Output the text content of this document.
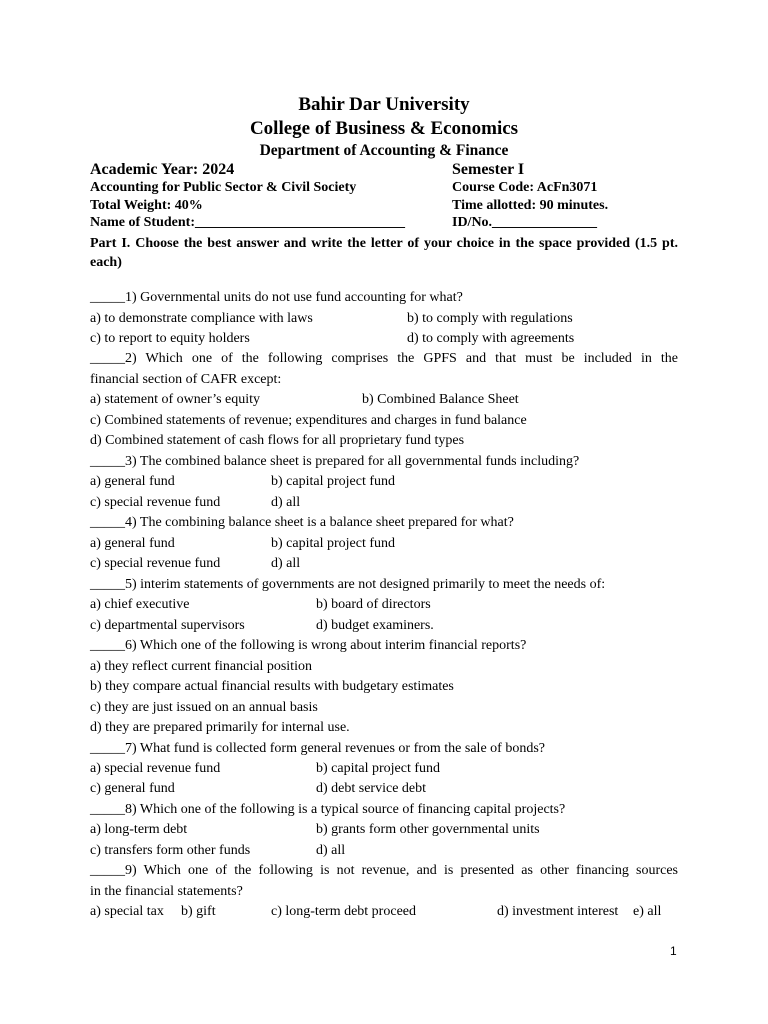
Bahir Dar University
College of Business & Economics
Department of Accounting & Finance
Academic Year: 2024	Semester I
Accounting for Public Sector & Civil Society	Course Code: AcFn3071
Total Weight: 40%	Time allotted: 90 minutes.
Name of Student:______________________________	ID/No._______________
Part I. Choose the best answer and write the letter of your choice in the space provided (1.5 pt. each)
_____1) Governmental units do not use fund accounting for what?
a) to demonstrate compliance with laws	b) to comply with regulations
c) to report to equity holders	d) to comply with agreements
_____2) Which one of the following comprises the GPFS and that must be included in the
financial section of CAFR except:
a) statement of owner’s equity	b) Combined Balance Sheet
c) Combined statements of revenue; expenditures and charges in fund balance
d) Combined statement of cash flows for all proprietary fund types
_____3) The combined balance sheet is prepared for all governmental funds including?
a) general fund	b) capital project fund
c) special revenue fund	d) all
_____4) The combining balance sheet is a balance sheet prepared for what?
a) general fund	b) capital project fund
c) special revenue fund	d) all
_____5) interim statements of governments are not designed primarily to meet the needs of:
a) chief executive	b) board of directors
c) departmental supervisors	d) budget examiners.
_____6) Which one of the following is wrong about interim financial reports?
a) they reflect current financial position
b) they compare actual financial results with budgetary estimates
c) they are just issued on an annual basis
d) they are prepared primarily for internal use.
_____7) What fund is collected form general revenues or from the sale of bonds?
a) special revenue fund	b) capital project fund
c) general fund	d) debt service debt
_____8) Which one of the following is a typical source of financing capital projects?
a) long-term debt	b) grants form other governmental units
c) transfers form other funds	d) all
_____9) Which one of the following is not revenue, and is presented as other financing sources
in the financial statements?
a) special tax b) gift	c) long-term debt proceed	d) investment interest e) all
1
